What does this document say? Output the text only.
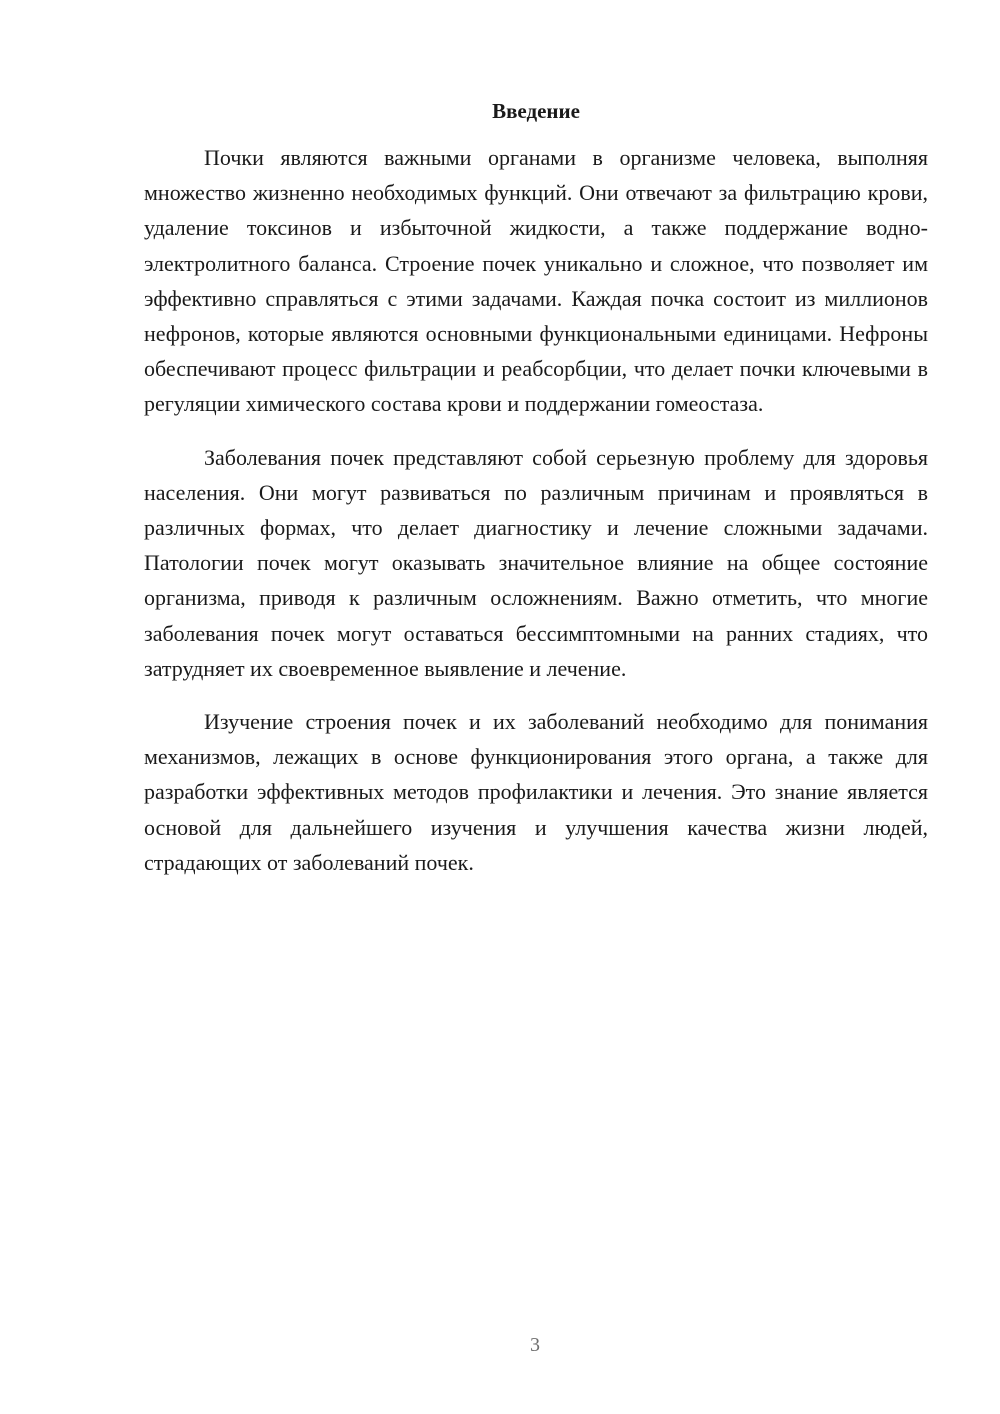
Введение

Почки являются важными органами в организме человека, выполняя множество жизненно необходимых функций. Они отвечают за фильтрацию крови, удаление токсинов и избыточной жидкости, а также поддержание водно-электролитного баланса. Строение почек уникально и сложное, что позволяет им эффективно справляться с этими задачами. Каждая почка состоит из миллионов нефронов, которые являются основными функциональными единицами. Нефроны обеспечивают процесс фильтрации и реабсорбции, что делает почки ключевыми в регуляции химического состава крови и поддержании гомеостаза.

Заболевания почек представляют собой серьезную проблему для здоровья населения. Они могут развиваться по различным причинам и проявляться в различных формах, что делает диагностику и лечение сложными задачами. Патологии почек могут оказывать значительное влияние на общее состояние организма, приводя к различным осложнениям. Важно отметить, что многие заболевания почек могут оставаться бессимптомными на ранних стадиях, что затрудняет их своевременное выявление и лечение.

Изучение строения почек и их заболеваний необходимо для понимания механизмов, лежащих в основе функционирования этого органа, а также для разработки эффективных методов профилактики и лечения. Это знание является основой для дальнейшего изучения и улучшения качества жизни людей, страдающих от заболеваний почек.

3
